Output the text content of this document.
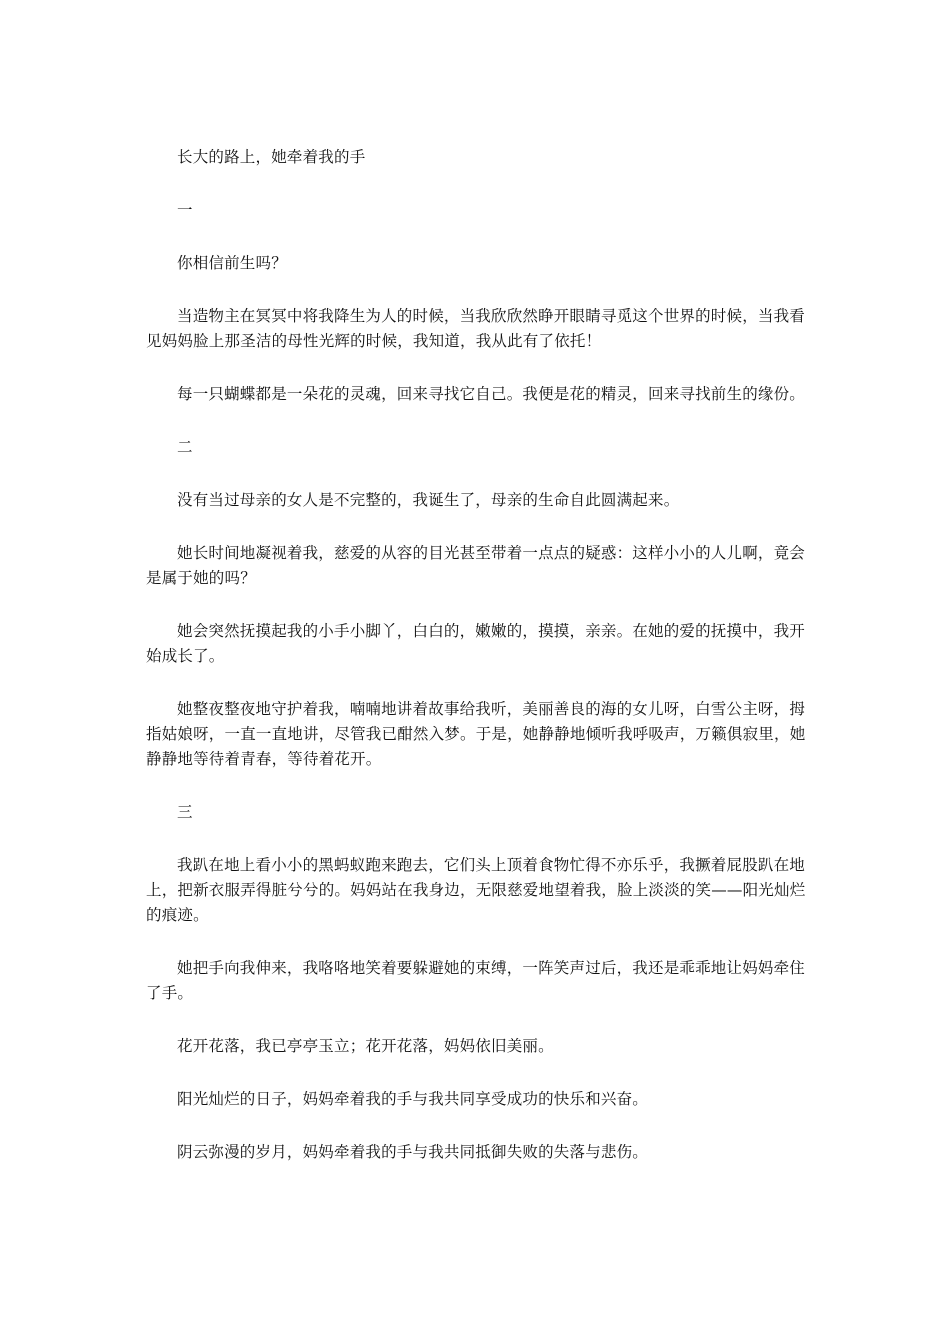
长大的路上，她牵着我的手

一

你相信前生吗？

当造物主在冥冥中将我降生为人的时候，当我欣欣然睁开眼睛寻觅这个世界的时候，当我看见妈妈脸上那圣洁的母性光辉的时候，我知道，我从此有了依托！

每一只蝴蝶都是一朵花的灵魂，回来寻找它自己。我便是花的精灵，回来寻找前生的缘份。

二

没有当过母亲的女人是不完整的，我诞生了，母亲的生命自此圆满起来。

她长时间地凝视着我，慈爱的从容的目光甚至带着一点点的疑惑：这样小小的人儿啊，竟会是属于她的吗？

她会突然抚摸起我的小手小脚丫，白白的，嫩嫩的，摸摸，亲亲。在她的爱的抚摸中，我开始成长了。

她整夜整夜地守护着我，喃喃地讲着故事给我听，美丽善良的海的女儿呀，白雪公主呀，拇指姑娘呀，一直一直地讲，尽管我已酣然入梦。于是，她静静地倾听我呼吸声，万籁俱寂里，她静静地等待着青春，等待着花开。

三

我趴在地上看小小的黑蚂蚁跑来跑去，它们头上顶着食物忙得不亦乐乎，我撅着屁股趴在地上，把新衣服弄得脏兮兮的。妈妈站在我身边，无限慈爱地望着我，脸上淡淡的笑——阳光灿烂的痕迹。

她把手向我伸来，我咯咯地笑着要躲避她的束缚，一阵笑声过后，我还是乖乖地让妈妈牵住了手。

花开花落，我已亭亭玉立；花开花落，妈妈依旧美丽。

阳光灿烂的日子，妈妈牵着我的手与我共同享受成功的快乐和兴奋。

阴云弥漫的岁月，妈妈牵着我的手与我共同抵御失败的失落与悲伤。
